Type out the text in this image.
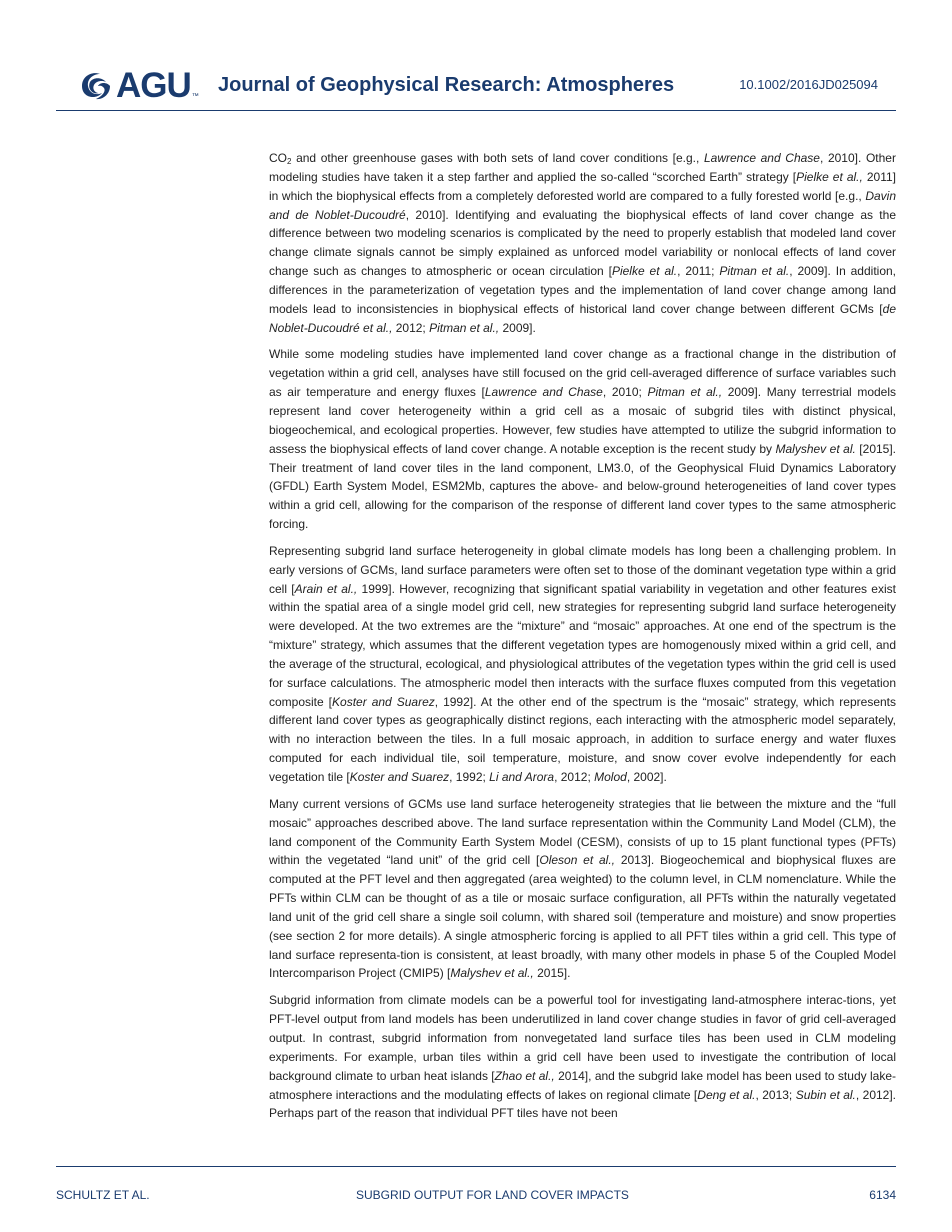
AGU ™
Journal of Geophysical Research: Atmospheres	10.1002/2016JD025094

$CO_2$ and other greenhouse gases with both sets of land cover conditions [e.g., Lawrence and Chase, 2010]. Other modeling studies have taken it a step farther and applied the so-called “scorched Earth” strategy [Pielke et al., 2011] in which the biophysical effects from a completely deforested world are compared to a fully forested world [e.g., Davin and de Noblet-Ducoudré, 2010]. Identifying and evaluating the biophysical effects of land cover change as the difference between two modeling scenarios is complicated by the need to properly establish that modeled land cover change climate signals cannot be simply explained as unforced model variability or nonlocal effects of land cover change such as changes to atmospheric or ocean circulation [Pielke et al., 2011; Pitman et al., 2009]. In addition, differences in the parameterization of vegetation types and the implementation of land cover change among land models lead to inconsistencies in biophysical effects of historical land cover change between different GCMs [de Noblet-Ducoudré et al., 2012; Pitman et al., 2009].

While some modeling studies have implemented land cover change as a fractional change in the distribution of vegetation within a grid cell, analyses have still focused on the grid cell-averaged difference of surface variables such as air temperature and energy fluxes [Lawrence and Chase, 2010; Pitman et al., 2009]. Many terrestrial models represent land cover heterogeneity within a grid cell as a mosaic of subgrid tiles with distinct physical, biogeochemical, and ecological properties. However, few studies have attempted to utilize the subgrid information to assess the biophysical effects of land cover change. A notable exception is the recent study by Malyshev et al. [2015]. Their treatment of land cover tiles in the land component, LM3.0, of the Geophysical Fluid Dynamics Laboratory (GFDL) Earth System Model, ESM2Mb, captures the above- and below-ground heterogeneities of land cover types within a grid cell, allowing for the comparison of the response of different land cover types to the same atmospheric forcing.

Representing subgrid land surface heterogeneity in global climate models has long been a challenging problem. In early versions of GCMs, land surface parameters were often set to those of the dominant vegetation type within a grid cell [Arain et al., 1999]. However, recognizing that significant spatial variability in vegetation and other features exist within the spatial area of a single model grid cell, new strategies for representing subgrid land surface heterogeneity were developed. At the two extremes are the “mixture” and “mosaic” approaches. At one end of the spectrum is the “mixture” strategy, which assumes that the different vegetation types are homogenously mixed within a grid cell, and the average of the structural, ecological, and physiological attributes of the vegetation types within the grid cell is used for surface calculations. The atmospheric model then interacts with the surface fluxes computed from this vegetation composite [Koster and Suarez, 1992]. At the other end of the spectrum is the “mosaic” strategy, which represents different land cover types as geographically distinct regions, each interacting with the atmospheric model separately, with no interaction between the tiles. In a full mosaic approach, in addition to surface energy and water fluxes computed for each individual tile, soil temperature, moisture, and snow cover evolve independently for each vegetation tile [Koster and Suarez, 1992; Li and Arora, 2012; Molod, 2002].

Many current versions of GCMs use land surface heterogeneity strategies that lie between the mixture and the “full mosaic” approaches described above. The land surface representation within the Community Land Model (CLM), the land component of the Community Earth System Model (CESM), consists of up to 15 plant functional types (PFTs) within the vegetated “land unit” of the grid cell [Oleson et al., 2013]. Biogeochemical and biophysical fluxes are computed at the PFT level and then aggregated (area weighted) to the column level, in CLM nomenclature. While the PFTs within CLM can be thought of as a tile or mosaic surface configuration, all PFTs within the naturally vegetated land unit of the grid cell share a single soil column, with shared soil (temperature and moisture) and snow properties (see section 2 for more details). A single atmospheric forcing is applied to all PFT tiles within a grid cell. This type of land surface representa-tion is consistent, at least broadly, with many other models in phase 5 of the Coupled Model Intercomparison Project (CMIP5) [Malyshev et al., 2015].

Subgrid information from climate models can be a powerful tool for investigating land-atmosphere interac-tions, yet PFT-level output from land models has been underutilized in land cover change studies in favor of grid cell-averaged output. In contrast, subgrid information from nonvegetated land surface tiles has been used in CLM modeling experiments. For example, urban tiles within a grid cell have been used to investigate the contribution of local background climate to urban heat islands [Zhao et al., 2014], and the subgrid lake model has been used to study lake-atmosphere interactions and the modulating effects of lakes on regional climate [Deng et al., 2013; Subin et al., 2012]. Perhaps part of the reason that individual PFT tiles have not been

SCHULTZ ET AL.	SUBGRID OUTPUT FOR LAND COVER IMPACTS	6134
